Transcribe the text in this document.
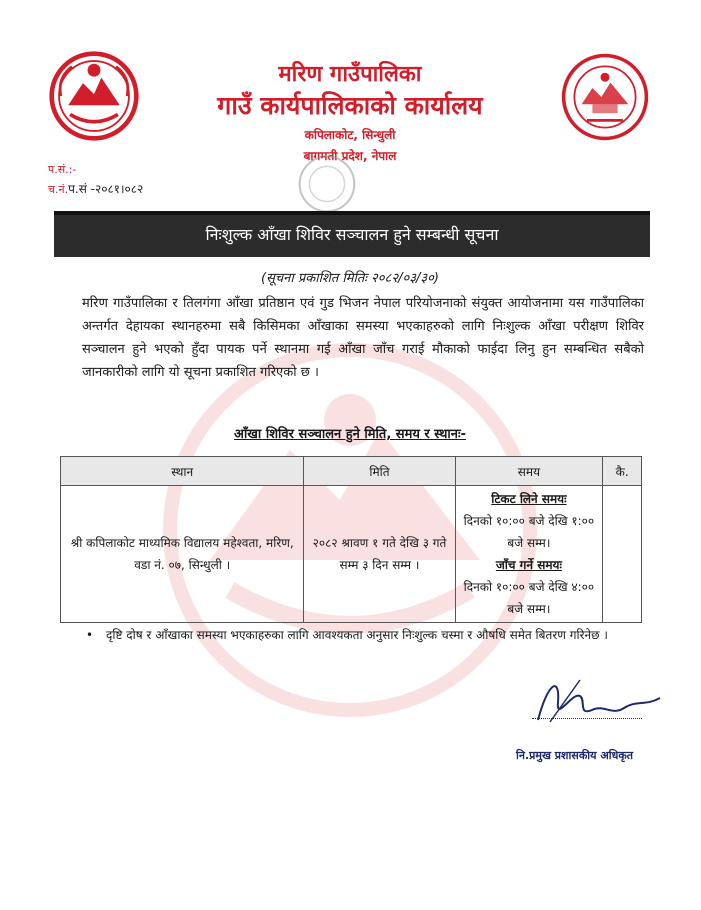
मरिण गाउँपालिका
गाउँ कार्यपालिकाको कार्यालय
कपिलाकोट, सिन्धुली
बागमती प्रदेश, नेपाल
प.सं.:-
च.नं.प.सं -२०८१।०८२
निःशुल्क आँखा शिविर सञ्चालन हुने सम्बन्धी सूचना
(सूचना प्रकाशित मितिः २०८२/०३/३०)
मरिण गाउँपालिका र तिलगंगा आँखा प्रतिष्ठान एवं गुड भिजन नेपाल परियोजनाको संयुक्त आयोजनामा यस गाउँपालिका अन्तर्गत देहायका स्थानहरुमा सबै किसिमका आँखाका समस्या भएकाहरुको लागि निःशुल्क आँखा परीक्षण शिविर सञ्चालन हुने भएको हुँदा पायक पर्ने स्थानमा गई आँखा जाँच गराई मौकाको फाईदा लिनु हुन सम्बन्धित सबैको जानकारीको लागि यो सूचना प्रकाशित गरिएको छ ।
आँखा शिविर सञ्चालन हुने मिति, समय र स्थानः-
स्थान	मिति	समय	कै.
श्री कपिलाकोट माध्यमिक विद्यालय महेश्वता, मरिण, वडा नं. ०७, सिन्धुली ।	२०८२ श्रावण १ गते देखि ३ गते सम्म ३ दिन सम्म ।	टिकट लिने समयः
दिनको १०:०० बजे देखि १:०० बजे सम्म।
जाँच गर्ने समयः
दिनको १०:०० बजे देखि ४:०० बजे सम्म।	

• दृष्टि दोष र आँखाका समस्या भएकाहरुका लागि आवश्यकता अनुसार निःशुल्क चस्मा र औषधि समेत बितरण गरिनेछ ।
नि.प्रमुख प्रशासकीय अधिकृत
